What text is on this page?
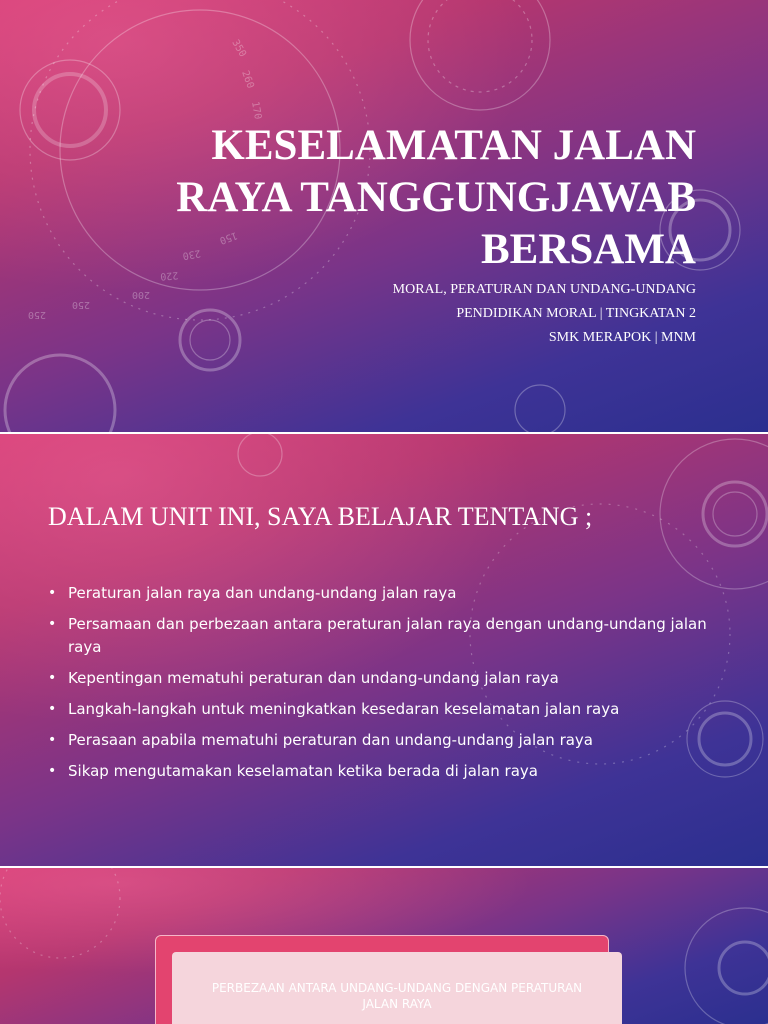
350
260
170
150
230
220
200
250
250
KESELAMATAN JALAN
RAYA TANGGUNGJAWAB
BERSAMA
MORAL, PERATURAN DAN UNDANG-UNDANG
PENDIDIKAN MORAL | TINGKATAN 2
SMK MERAPOK | MNM
DALAM UNIT INI, SAYA BELAJAR TENTANG ;
• Peraturan jalan raya dan undang-undang jalan raya
• Persamaan dan perbezaan antara peraturan jalan raya dengan undang-undang jalan raya
• Kepentingan mematuhi peraturan dan undang-undang jalan raya
• Langkah-langkah untuk meningkatkan kesedaran keselamatan jalan raya
• Perasaan apabila mematuhi peraturan dan undang-undang jalan raya
• Sikap mengutamakan keselamatan ketika berada di jalan raya
PERBEZAAN ANTARA UNDANG-UNDANG DENGAN PERATURAN
JALAN RAYA
